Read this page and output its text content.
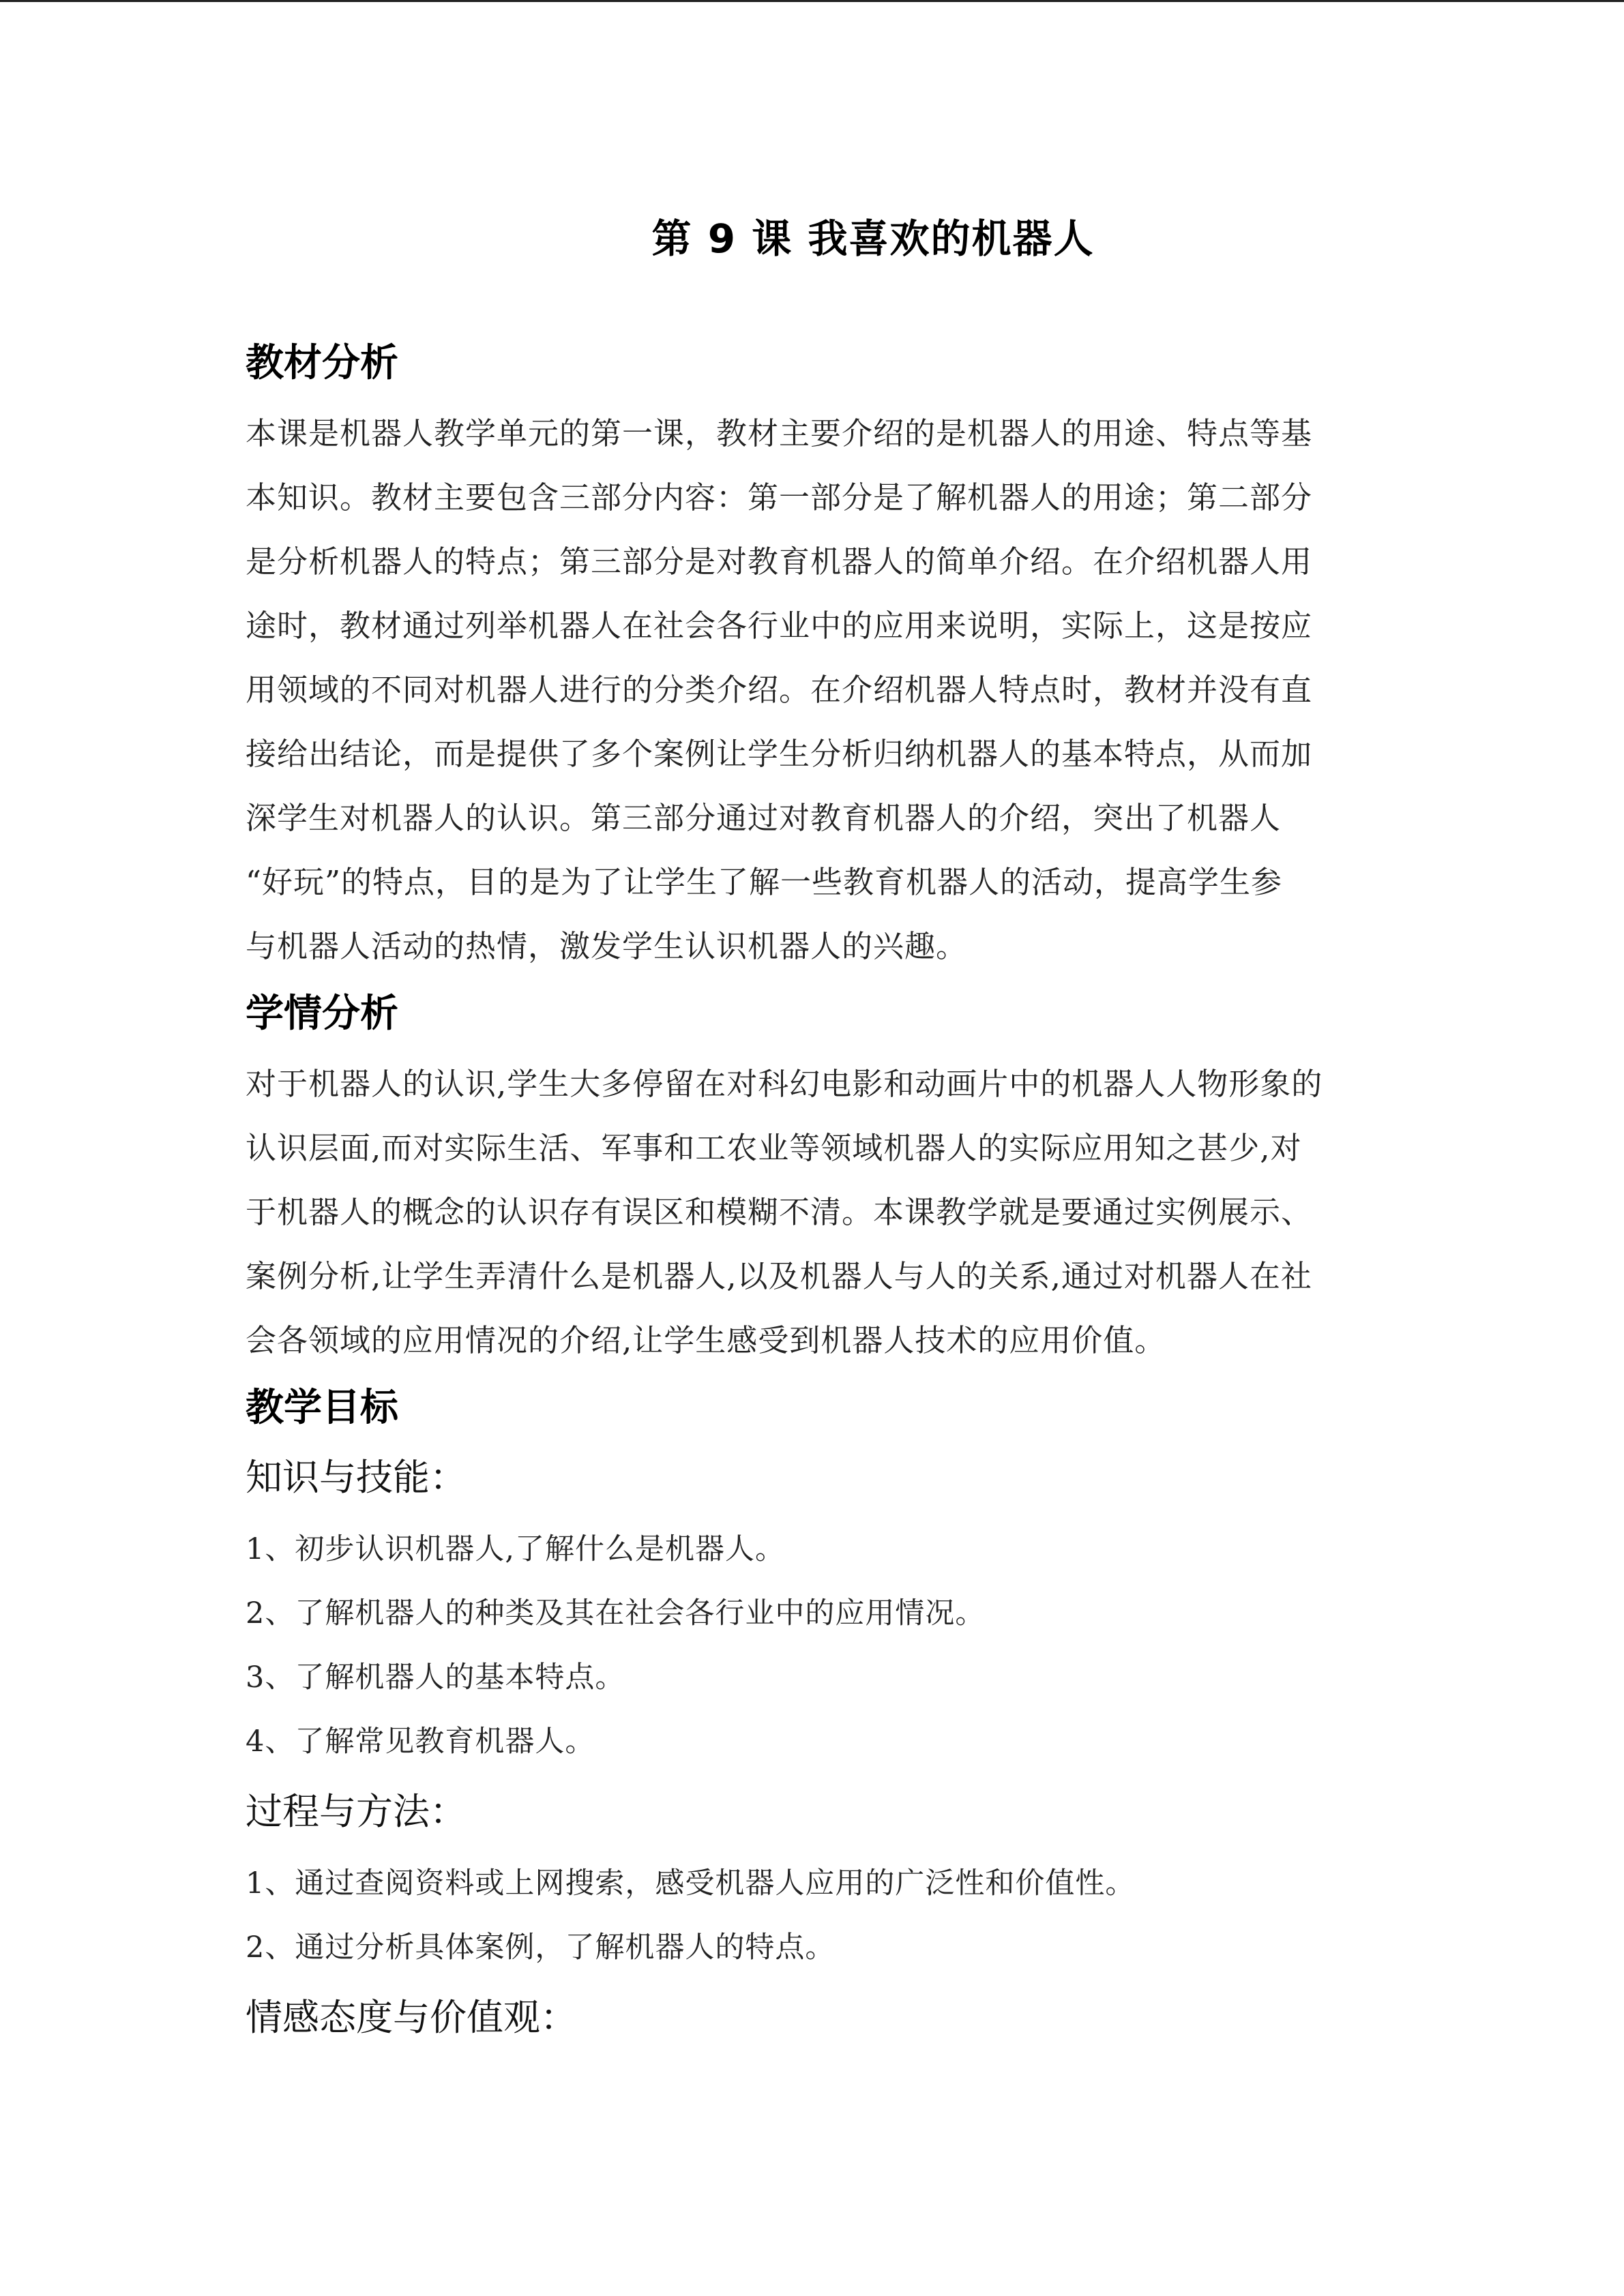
第 9 课 我喜欢的机器人
教材分析

本课是机器人教学单元的第一课，教材主要介绍的是机器人的用途、特点等基

本知识。教材主要包含三部分内容：第一部分是了解机器人的用途；第二部分

是分析机器人的特点；第三部分是对教育机器人的简单介绍。在介绍机器人用

途时，教材通过列举机器人在社会各行业中的应用来说明，实际上，这是按应

用领域的不同对机器人进行的分类介绍。在介绍机器人特点时，教材并没有直

接给出结论，而是提供了多个案例让学生分析归纳机器人的基本特点，从而加

深学生对机器人的认识。第三部分通过对教育机器人的介绍，突出了机器人

“好玩”的特点，目的是为了让学生了解一些教育机器人的活动，提高学生参

与机器人活动的热情，激发学生认识机器人的兴趣。

学情分析

对于机器人的认识,学生大多停留在对科幻电影和动画片中的机器人人物形象的

认识层面,而对实际生活、军事和工农业等领域机器人的实际应用知之甚少,对

于机器人的概念的认识存有误区和模糊不清。本课教学就是要通过实例展示、

案例分析,让学生弄清什么是机器人,以及机器人与人的关系,通过对机器人在社

会各领域的应用情况的介绍,让学生感受到机器人技术的应用价值。

教学目标
知识与技能：

1、初步认识机器人,了解什么是机器人。

2、了解机器人的种类及其在社会各行业中的应用情况。

3、了解机器人的基本特点。

4、了解常见教育机器人。

过程与方法：

1、通过查阅资料或上网搜索，感受机器人应用的广泛性和价值性。

2、通过分析具体案例，了解机器人的特点。

情感态度与价值观：
